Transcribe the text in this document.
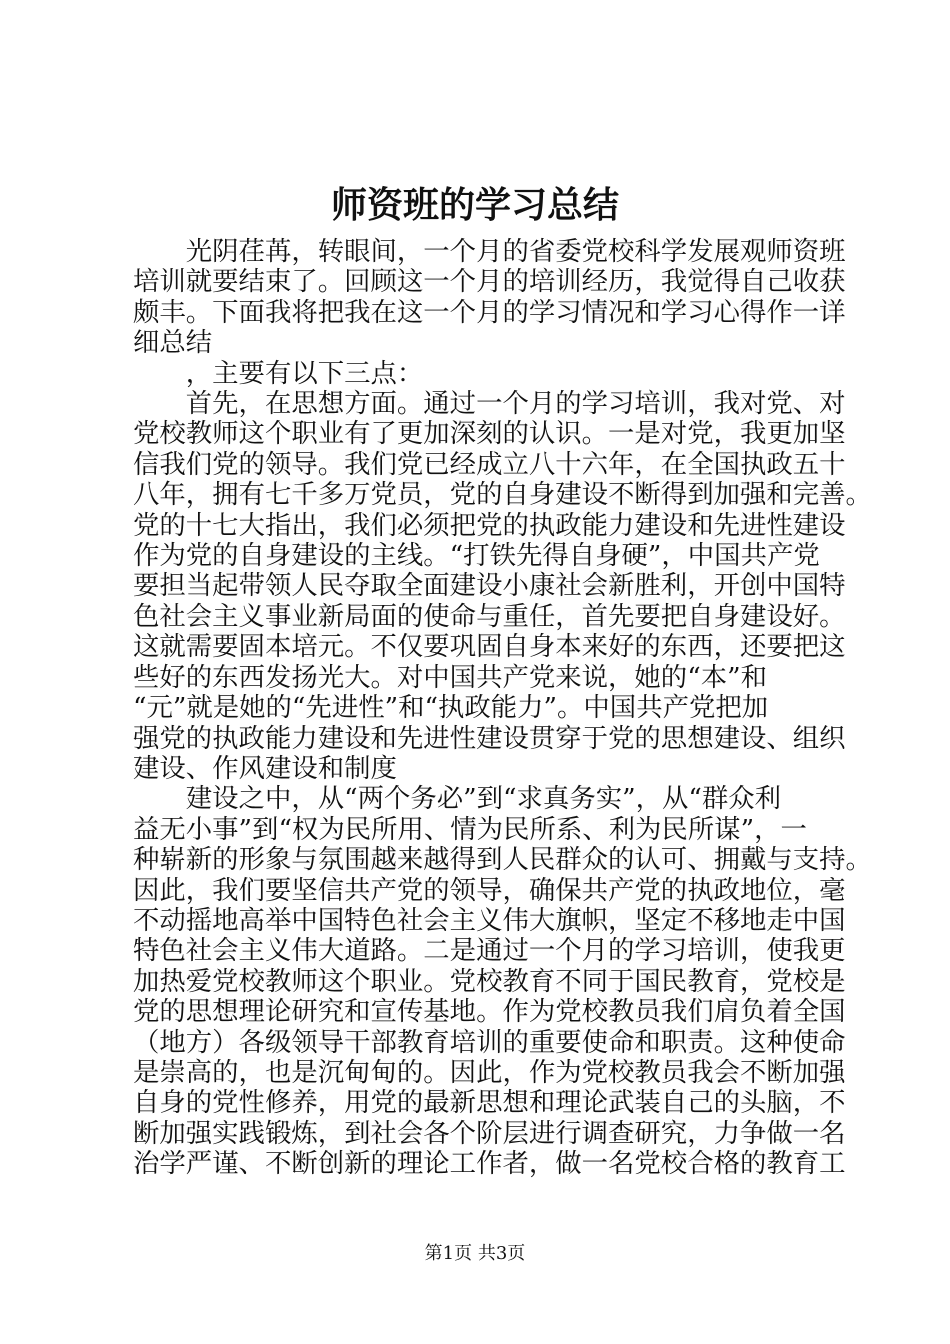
师资班的学习总结

　　光阴荏苒，转眼间，一个月的省委党校科学发展观师资班
培训就要结束了。回顾这一个月的培训经历，我觉得自己收获
颇丰。下面我将把我在这一个月的学习情况和学习心得作一详
细总结

　　，主要有以下三点：

　　首先，在思想方面。通过一个月的学习培训，我对党、对
党校教师这个职业有了更加深刻的认识。一是对党，我更加坚
信我们党的领导。我们党已经成立八十六年，在全国执政五十
八年，拥有七千多万党员，党的自身建设不断得到加强和完善。
党的十七大指出，我们必须把党的执政能力建设和先进性建设
作为党的自身建设的主线。“打铁先得自身硬”，中国共产党
要担当起带领人民夺取全面建设小康社会新胜利，开创中国特
色社会主义事业新局面的使命与重任，首先要把自身建设好。
这就需要固本培元。不仅要巩固自身本来好的东西，还要把这
些好的东西发扬光大。对中国共产党来说，她的“本”和
“元”就是她的“先进性”和“执政能力”。中国共产党把加
强党的执政能力建设和先进性建设贯穿于党的思想建设、组织
建设、作风建设和制度

　　建设之中，从“两个务必”到“求真务实”，从“群众利
益无小事”到“权为民所用、情为民所系、利为民所谋”，一
种崭新的形象与氛围越来越得到人民群众的认可、拥戴与支持。
因此，我们要坚信共产党的领导，确保共产党的执政地位，毫
不动摇地高举中国特色社会主义伟大旗帜，坚定不移地走中国
特色社会主义伟大道路。二是通过一个月的学习培训，使我更
加热爱党校教师这个职业。党校教育不同于国民教育，党校是
党的思想理论研究和宣传基地。作为党校教员我们肩负着全国
（地方）各级领导干部教育培训的重要使命和职责。这种使命
是崇高的，也是沉甸甸的。因此，作为党校教员我会不断加强
自身的党性修养，用党的最新思想和理论武装自己的头脑，不
断加强实践锻炼，到社会各个阶层进行调查研究，力争做一名
治学严谨、不断创新的理论工作者，做一名党校合格的教育工

第1页 共3页
